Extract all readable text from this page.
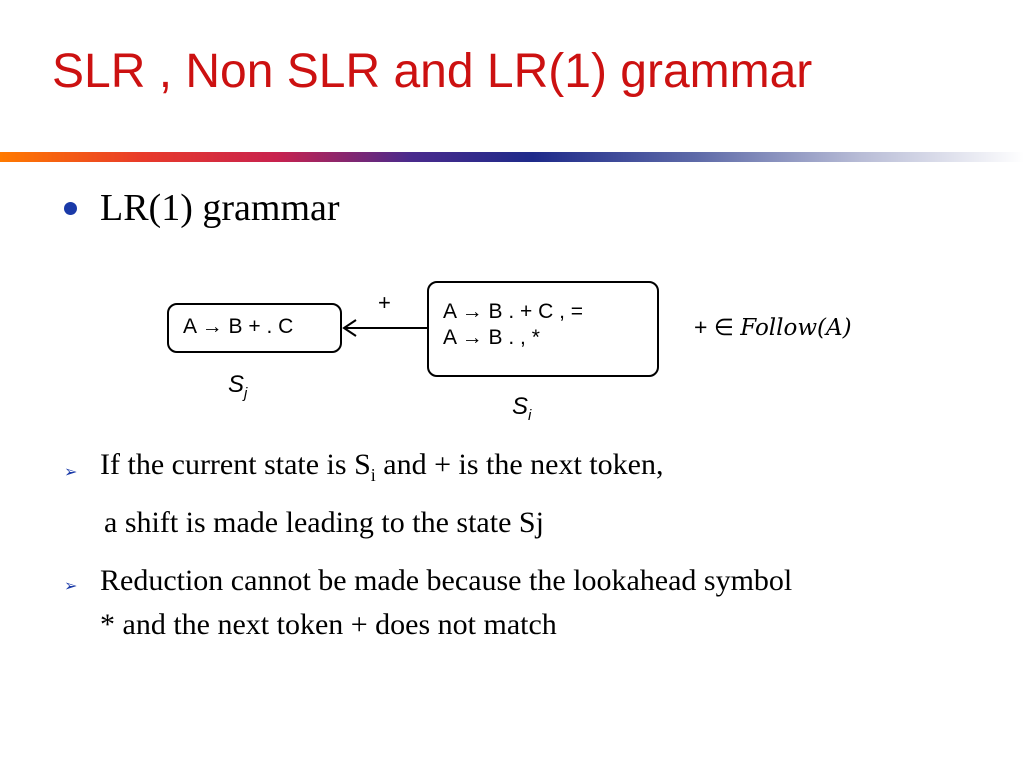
SLR , Non SLR and LR(1) grammar
LR(1) grammar
A → B + . C
+ A → B . + C , =
A → B . , *	+ ∈ Follow(A)
$S_j$	$S_i$
➢ If the current state is $S_i$ and + is the next token,
a shift is made leading to the state Sj
➢ Reduction cannot be made because the lookahead symbol
* and the next token + does not match
